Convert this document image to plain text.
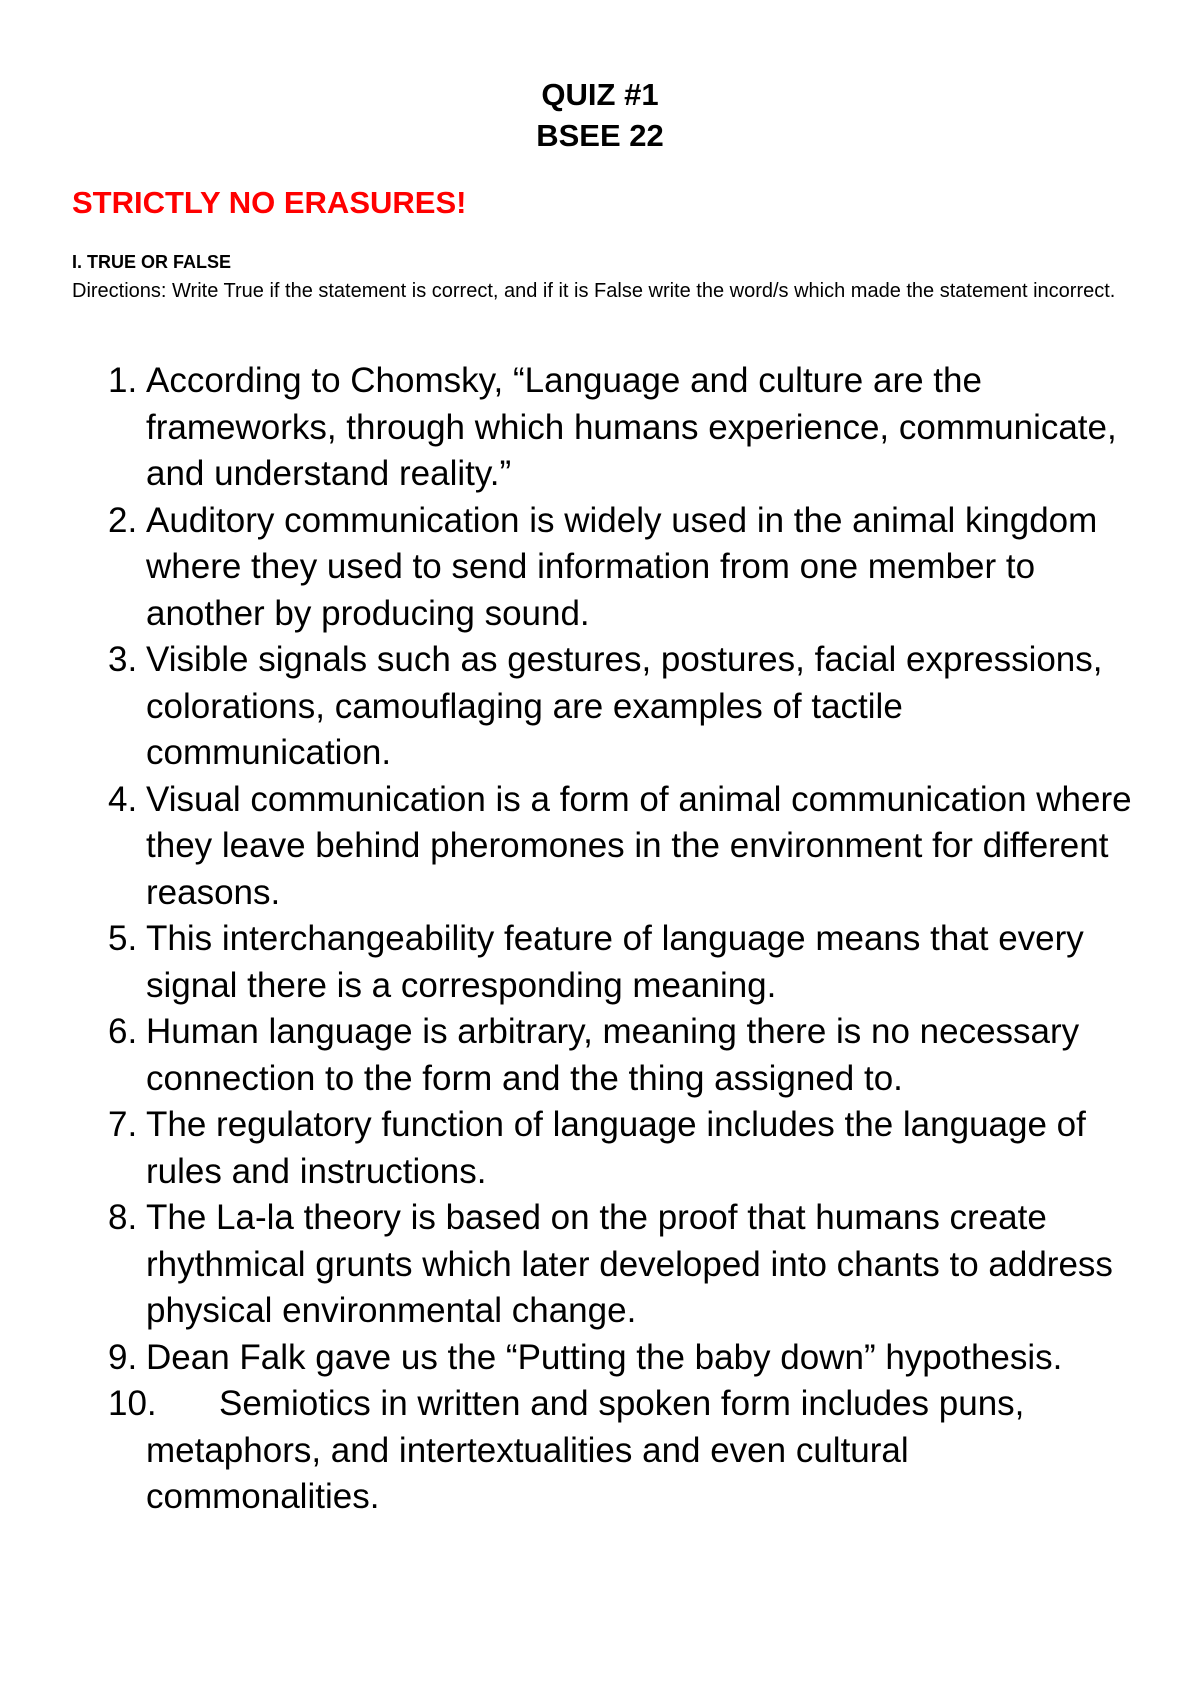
QUIZ #1
BSEE 22
STRICTLY NO ERASURES!
I. TRUE OR FALSE
Directions: Write True if the statement is correct, and if it is False write the word/s which made the statement incorrect.
1. According to Chomsky, “Language and culture are the frameworks, through which humans experience, communicate, and understand reality.”
2. Auditory communication is widely used in the animal kingdom where they used to send information from one member to another by producing sound.
3. Visible signals such as gestures, postures, facial expressions, colorations, camouflaging are examples of tactile communication.
4. Visual communication is a form of animal communication where they leave behind pheromones in the environment for different reasons.
5. This interchangeability feature of language means that every signal there is a corresponding meaning.
6. Human language is arbitrary, meaning there is no necessary connection to the form and the thing assigned to.
7. The regulatory function of language includes the language of rules and instructions.
8. The La-la theory is based on the proof that humans create rhythmical grunts which later developed into chants to address physical environmental change.
9. Dean Falk gave us the “Putting the baby down” hypothesis.
10. Semiotics in written and spoken form includes puns, metaphors, and intertextualities and even cultural commonalities.
